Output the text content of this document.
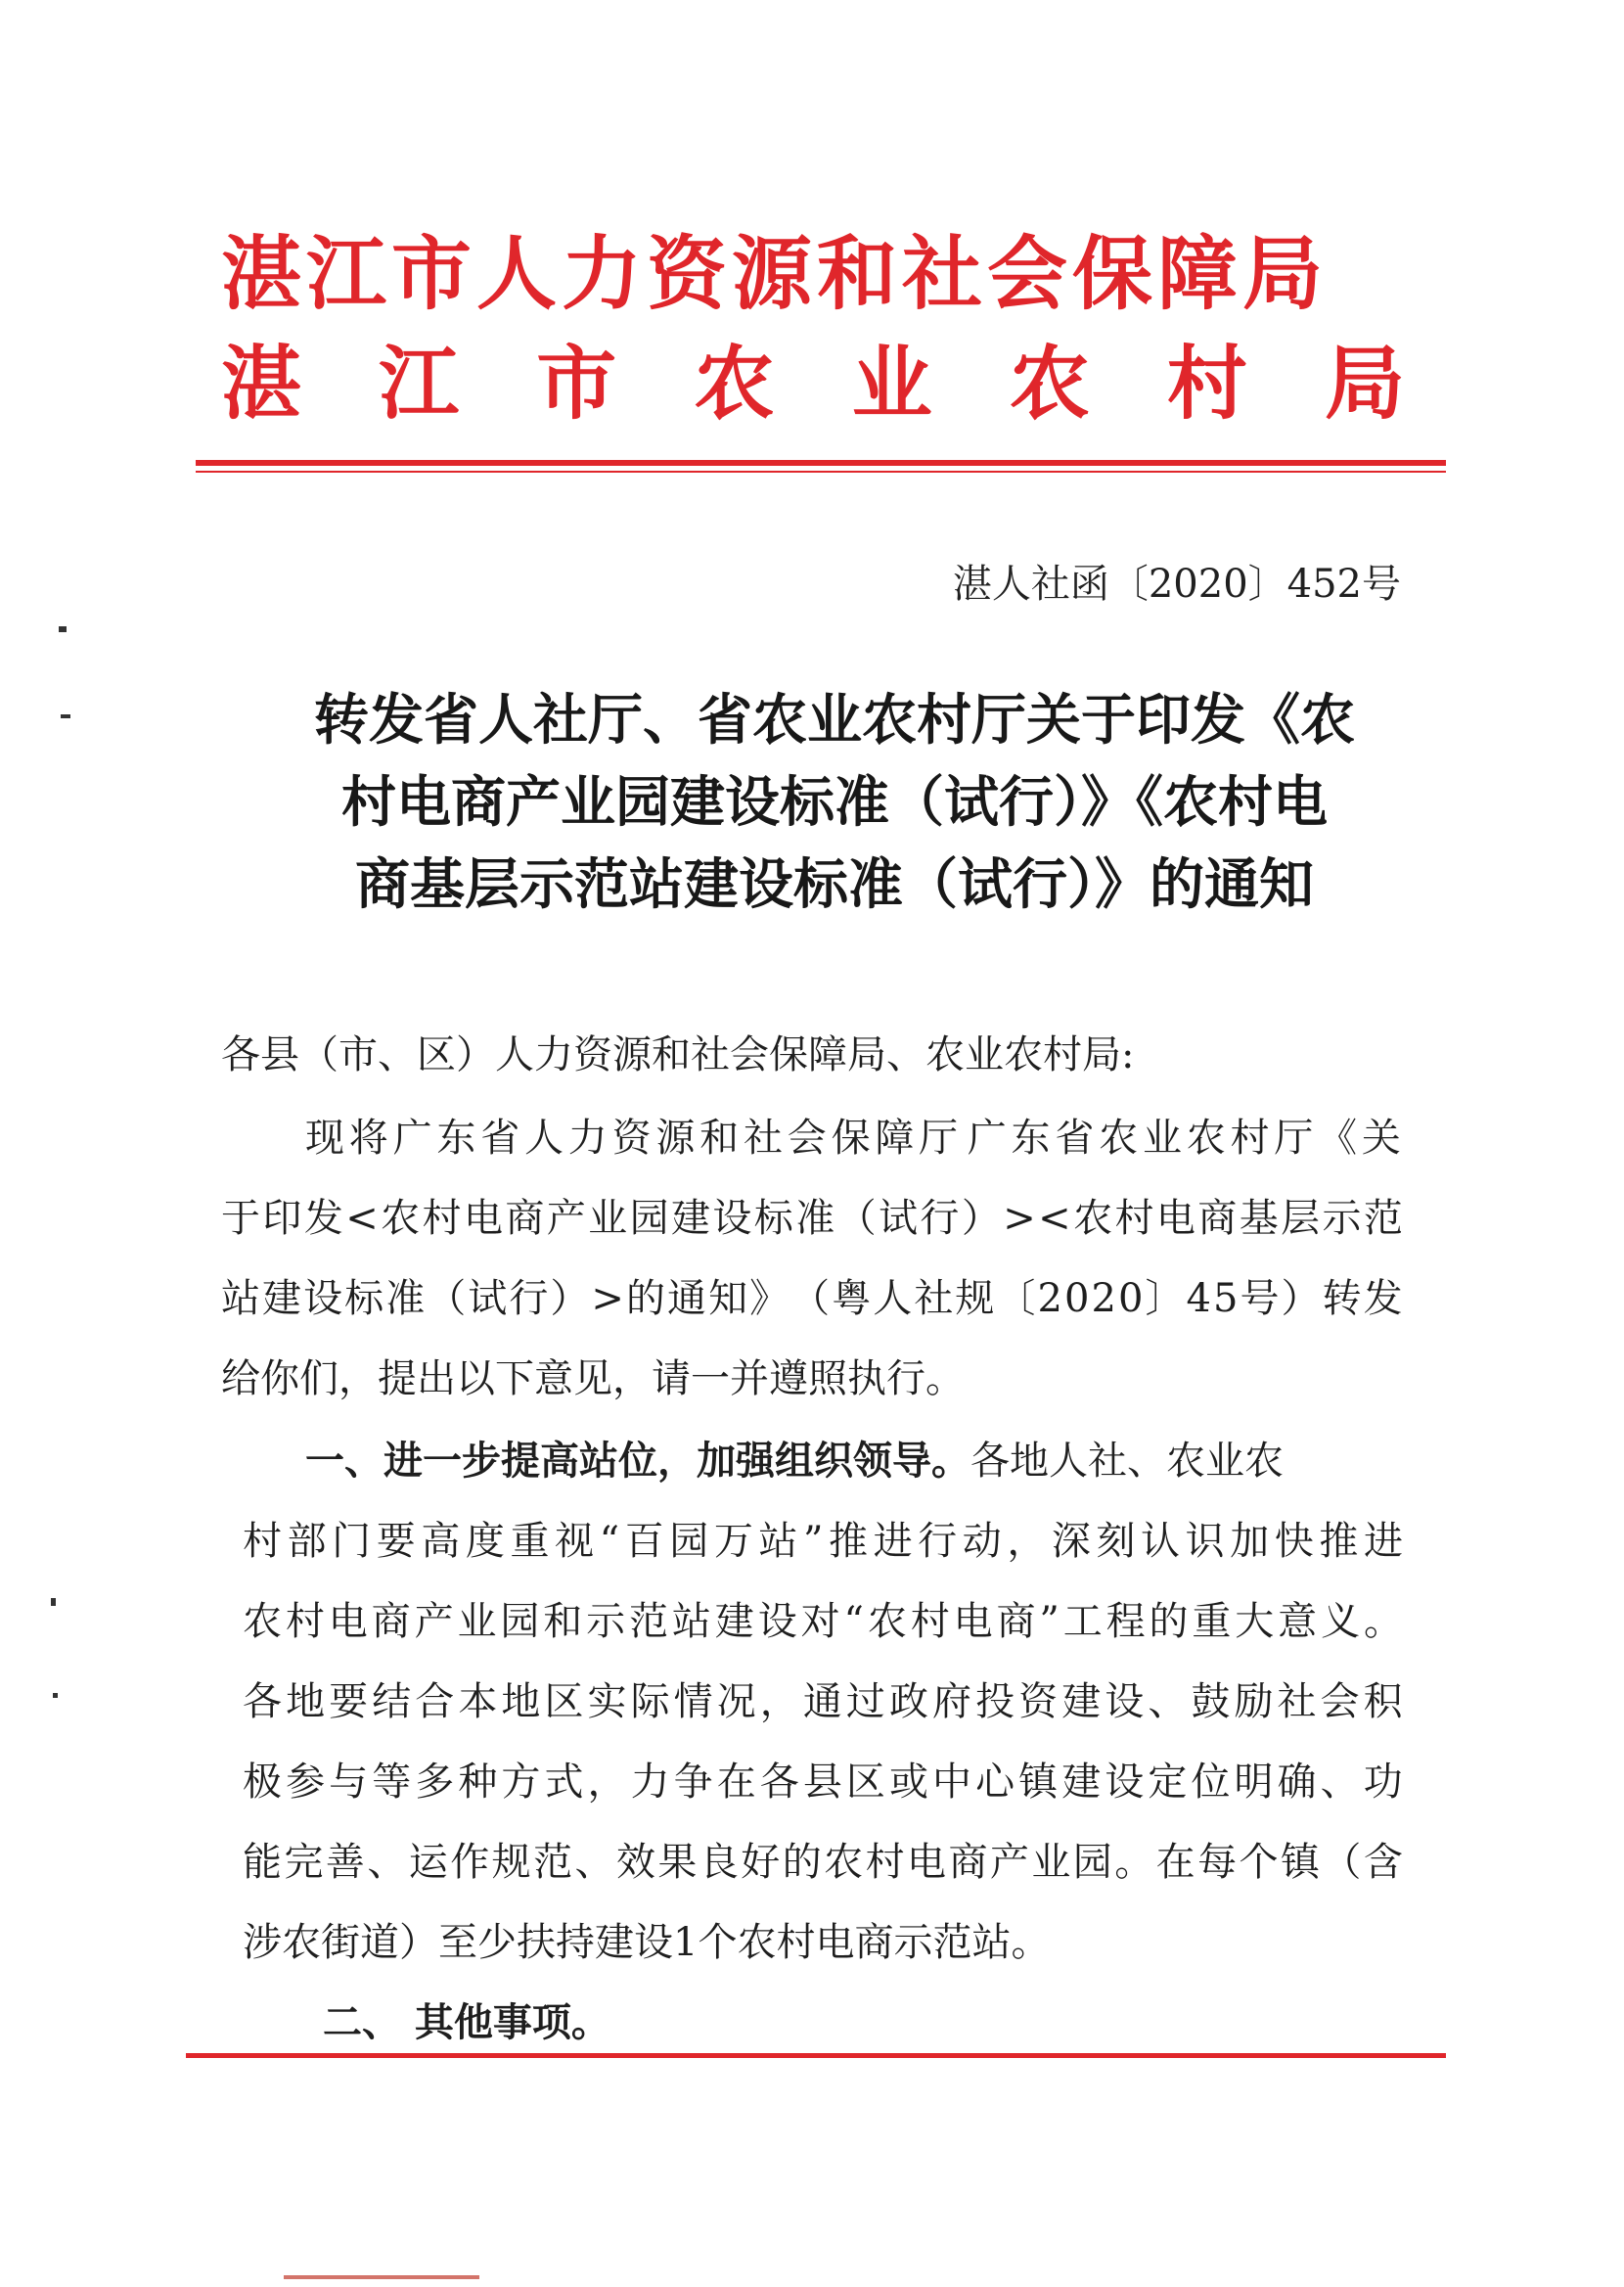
湛江市人力资源和社会保障局
湛 江 市 农 业 农 村 局
湛人社函〔2020〕452号
转发省人社厅、省农业农村厅关于印发《农
村电商产业园建设标准（试行）》《农村电
商基层示范站建设标准（试行）》的通知
各县（市、区）人力资源和社会保障局、农业农村局:
现 将 广 东 省 人 力 资 源 和 社 会 保 障 厅 广 东 省 农 业 农 村 厅 《 关
于 印 发 < 农 村 电 商 产 业 园 建 设 标 准 （ 试 行 ） > < 农 村 电 商 基 层 示 范
站 建 设 标 准 （ 试 行 ） > 的 通 知 》 （ 粤 人 社 规 〔 2 0 2 0 〕 4 5 号 ） 转 发
给你们，提出以下意见，请一并遵照执行。
一、进一步提高站位，加强组织领导。各地人社、农业农
村 部 门 要 高 度 重 视 “ 百 园 万 站 ” 推 进 行 动 ， 深 刻 认 识 加 快 推 进
农 村 电 商 产 业 园 和 示 范 站 建 设 对 “ 农 村 电 商 ” 工 程 的 重 大 意 义 。
各 地 要 结 合 本 地 区 实 际 情 况 ， 通 过 政 府 投 资 建 设 、 鼓 励 社 会 积
极 参 与 等 多 种 方 式 ， 力 争 在 各 县 区 或 中 心 镇 建 设 定 位 明 确 、 功
能 完 善 、 运 作 规 范 、 效 果 良 好 的 农 村 电 商 产 业 园 。 在 每 个 镇 （ 含
涉农街道）至少扶持建设1个农村电商示范站。
二、 其他事项。
